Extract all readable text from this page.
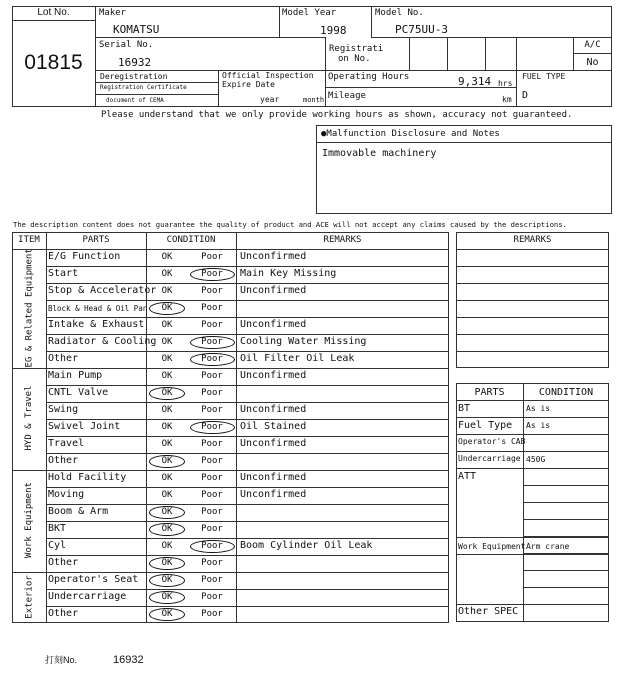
Lot No.
01815
Maker
KOMATSU
Model Year
1998
Model No.
PC75UU-3
Serial No.
16932
Registrati
on No.
A/C
No
Deregistration
Registration Certificate
document of CEMA
Official Inspection
Expire Date
year	month
Operating Hours	9,314 hrs
Mileage	km
FUEL TYPE
D
Please understand that we only provide working hours as shown, accuracy not guaranteed.
●Malfunction Disclosure and Notes
Immovable machinery
The description content does not guarantee the quality of product and ACE will not accept any claims caused by the descriptions.
ITEM	PARTS	CONDITION	REMARKS
EG & Related Equipment E/G Function	OK	Poor	Unconfirmed
Start	OK	Poor	Main Key Missing
Stop & Accelerator OK	Poor	Unconfirmed
Block & Head & Oil Pan	OK	Poor
Intake & Exhaust	OK	Poor	Unconfirmed
Radiator & Cooling OK	Poor	Cooling Water Missing
Other	OK	Poor	Oil Filter Oil Leak
HYD & Travel
Main Pump	OK	Poor	Unconfirmed
CNTL Valve	OK	Poor
Swing	OK	Poor	Unconfirmed
Swivel Joint	OK	Poor	Oil Stained
Travel	OK	Poor	Unconfirmed
Other	OK	Poor
Work Equipment
Hold Facility	OK	Poor	Unconfirmed
Moving	OK	Poor	Unconfirmed
Boom & Arm	OK	Poor
BKT	OK	Poor
Cyl	OK	Poor	Boom Cylinder Oil Leak
Other	OK	Poor
Exterior Operator's Seat	OK	Poor
Undercarriage	OK	Poor
Other	OK	Poor
REMARKS
PARTS	CONDITION
BT	As is
Fuel Type As is
Operator's CAB
Undercarriage 450G
ATT
Work Equipment Arm crane
Other SPEC
打刻No.	16932
